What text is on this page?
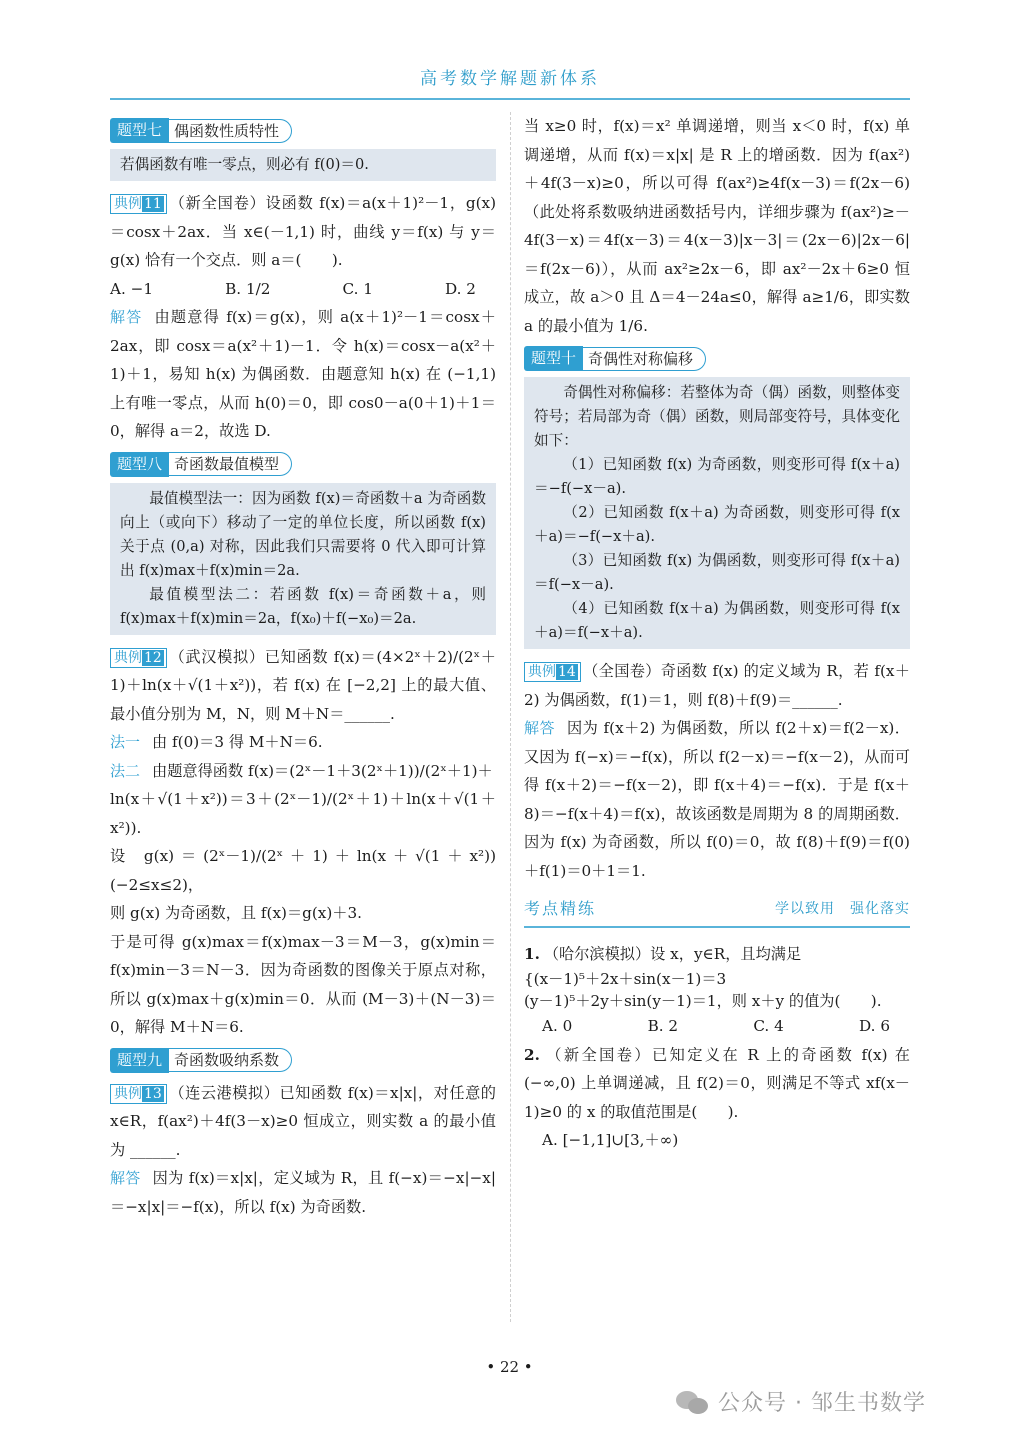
高考数学解题新体系
题型七 偶函数性质特性

若偶函数有唯一零点，则必有 f(0)＝0.

典例 11 （新全国卷）设函数 f(x)＝a(x＋1)²－1，g(x)＝cosx＋2ax．当 x∈(－1,1) 时，曲线 y＝f(x) 与 y＝g(x) 恰有一个交点．则 a＝(　　).

A. −1	B. 1/2	C. 1	D. 2

解答 由题意得 f(x)＝g(x)，则 a(x＋1)²－1＝cosx＋2ax，即 cosx＝a(x²＋1)－1．令 h(x)＝cosx－a(x²＋1)＋1，易知 h(x) 为偶函数．由题意知 h(x) 在 (−1,1) 上有唯一零点，从而 h(0)＝0，即 cos0－a(0＋1)＋1＝0，解得 a＝2，故选 D.

题型八 奇函数最值模型

最值模型法一：因为函数 f(x)＝奇函数＋a 为奇函数向上（或向下）移动了一定的单位长度，所以函数 f(x) 关于点 (0,a) 对称，因此我们只需要将 0 代入即可计算出 f(x)max＋f(x)min＝2a.

最值模型法二：若函数 f(x)＝奇函数＋a，则 f(x)max＋f(x)min＝2a，f(x₀)＋f(−x₀)＝2a.

典例 12 （武汉模拟）已知函数 f(x)＝(4×2ˣ＋2)/(2ˣ＋1)＋ln(x＋√(1＋x²))，若 f(x) 在 [−2,2] 上的最大值、最小值分别为 M，N，则 M＋N＝______.

法一 由 f(0)＝3 得 M＋N＝6.

法二 由题意得函数 f(x)＝(2ˣ－1＋3(2ˣ＋1))/(2ˣ＋1)＋

ln(x＋√(1＋x²))＝3＋(2ˣ－1)/(2ˣ＋1)＋ln(x＋√(1＋x²)).

设 g(x)＝(2ˣ－1)/(2ˣ＋1)＋ln(x＋√(1＋x²))(−2≤x≤2)，

则 g(x) 为奇函数，且 f(x)＝g(x)＋3.

于是可得 g(x)max＝f(x)max－3＝M－3，g(x)min＝f(x)min－3＝N－3．因为奇函数的图像关于原点对称，所以 g(x)max＋g(x)min＝0．从而 (M－3)＋(N－3)＝0，解得 M＋N＝6.

题型九 奇函数吸纳系数

典例 13 （连云港模拟）已知函数 f(x)＝x|x|，对任意的 x∈R，f(ax²)＋4f(3－x)≥0 恒成立，则实数 a 的最小值为 ______.

解答 因为 f(x)＝x|x|，定义域为 R，且 f(−x)＝−x|−x|＝−x|x|＝−f(x)，所以 f(x) 为奇函数.

当 x≥0 时，f(x)＝x² 单调递增，则当 x＜0 时，f(x) 单调递增，从而 f(x)＝x|x| 是 R 上的增函数．因为 f(ax²)＋4f(3－x)≥0，所以可得 f(ax²)≥4f(x－3)＝f(2x－6)（此处将系数吸纳进函数括号内，详细步骤为 f(ax²)≥－4f(3－x)＝4f(x－3)＝4(x－3)|x－3|＝(2x－6)|2x－6|＝f(2x－6)），从而 ax²≥2x－6，即 ax²－2x＋6≥0 恒成立，故 a＞0 且 Δ＝4－24a≤0，解得 a≥1/6，即实数 a 的最小值为 1/6.

题型十 奇偶性对称偏移

奇偶性对称偏移：若整体为奇（偶）函数，则整体变符号；若局部为奇（偶）函数，则局部变符号，具体变化如下：

（1）已知函数 f(x) 为奇函数，则变形可得 f(x＋a)＝−f(−x－a).

（2）已知函数 f(x＋a) 为奇函数，则变形可得 f(x＋a)＝−f(−x＋a).

（3）已知函数 f(x) 为偶函数，则变形可得 f(x＋a)＝f(−x－a).

（4）已知函数 f(x＋a) 为偶函数，则变形可得 f(x＋a)＝f(−x＋a).

典例 14 （全国卷）奇函数 f(x) 的定义域为 R，若 f(x＋2) 为偶函数，f(1)＝1，则 f(8)＋f(9)＝______.

解答 因为 f(x＋2) 为偶函数，所以 f(2＋x)＝f(2－x)．又因为 f(−x)＝−f(x)，所以 f(2－x)＝−f(x－2)，从而可得 f(x＋2)＝−f(x－2)，即 f(x＋4)＝−f(x)．于是 f(x＋8)＝−f(x＋4)＝f(x)，故该函数是周期为 8 的周期函数．因为 f(x) 为奇函数，所以 f(0)＝0，故 f(8)＋f(9)＝f(0)＋f(1)＝0＋1＝1.

考点精练	学以致用　强化落实

1. （哈尔滨模拟）设 x，y∈R，且均满足

{(x－1)⁵＋2x＋sin(x－1)＝3
(y－1)⁵＋2y＋sin(y－1)＝1，则 x＋y 的值为(　　).

A. 0	B. 2	C. 4	D. 6

2. （新全国卷）已知定义在 R 上的奇函数 f(x) 在 (−∞,0) 上单调递减，且 f(2)＝0，则满足不等式 xf(x－1)≥0 的 x 的取值范围是(　　).

A. [−1,1]∪[3,＋∞)

• 22 •
公众号 · 邹生书数学
